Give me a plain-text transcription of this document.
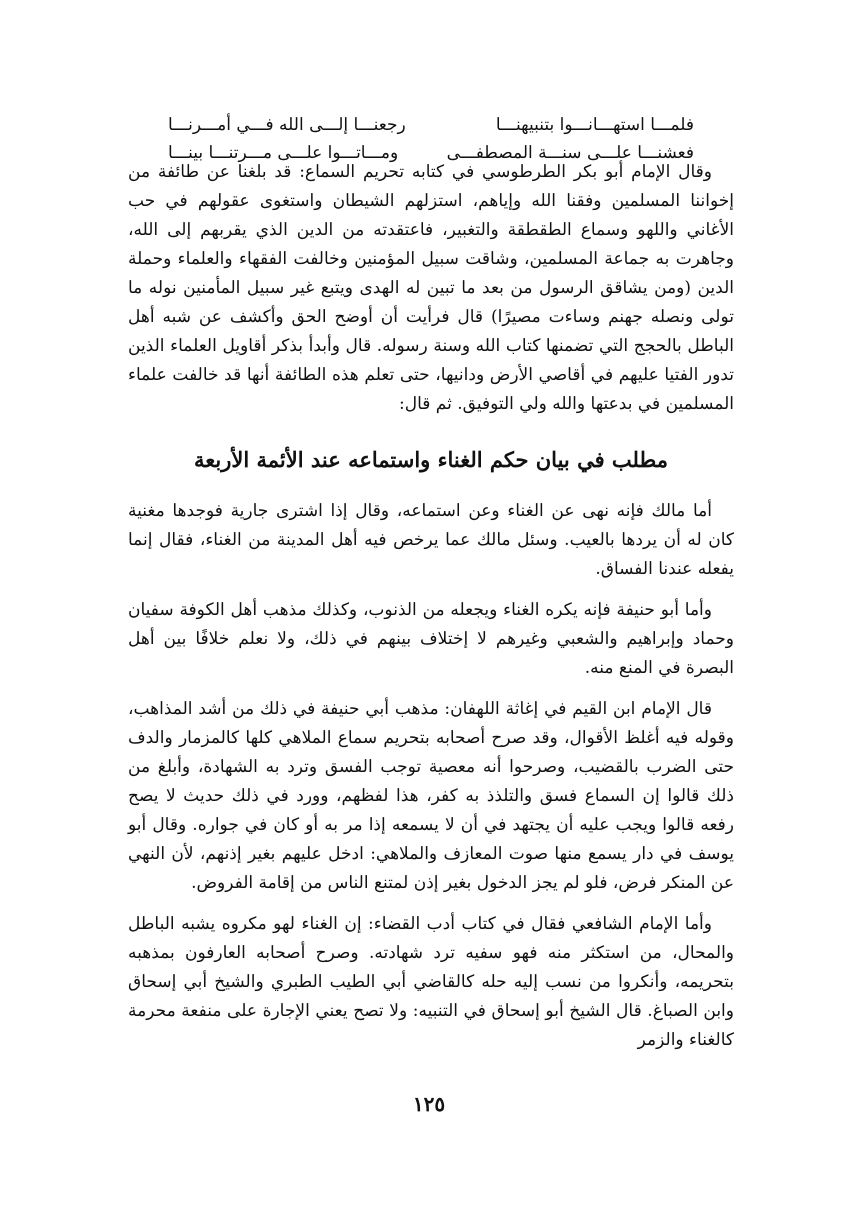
فلمـــا استهـــانـــوا بتنبيهنـــا
رجعنـــا إلـــى الله فـــي أمـــرنـــا
فعشنـــا علـــى سنـــة المصطفـــى
ومـــاتـــوا علـــى مـــرتنـــا بينـــا

وقال الإمام أبو بكر الطرطوسي في كتابه تحريم السماع: قد بلغنا عن طائفة من إخواننا المسلمين وفقنا الله وإياهم، استزلهم الشيطان واستغوى عقولهم في حب الأغاني واللهو وسماع الطقطقة والتغبير، فاعتقدته من الدين الذي يقربهم إلى الله، وجاهرت به جماعة المسلمين، وشاقت سبيل المؤمنين وخالفت الفقهاء والعلماء وحملة الدين (ومن يشاقق الرسول من بعد ما تبين له الهدى ويتبع غير سبيل المأمنين نوله ما تولى ونصله جهنم وساءت مصيرًا) قال فرأيت أن أوضح الحق وأكشف عن شبه أهل الباطل بالحجج التي تضمنها كتاب الله وسنة رسوله. قال وأبدأ بذكر أقاويل العلماء الذين تدور الفتيا عليهم في أقاصي الأرض ودانيها، حتى تعلم هذه الطائفة أنها قد خالفت علماء المسلمين في بدعتها والله ولي التوفيق. ثم قال:

مطلب في بيان حكم الغناء واستماعه عند الأئمة الأربعة

أما مالك فإنه نهى عن الغناء وعن استماعه، وقال إذا اشترى جارية فوجدها مغنية كان له أن يردها بالعيب. وسئل مالك عما يرخص فيه أهل المدينة من الغناء، فقال إنما يفعله عندنا الفساق.

وأما أبو حنيفة فإنه يكره الغناء ويجعله من الذنوب، وكذلك مذهب أهل الكوفة سفيان وحماد وإبراهيم والشعبي وغيرهم لا إختلاف بينهم في ذلك، ولا نعلم خلافًا بين أهل البصرة في المنع منه.

قال الإمام ابن القيم في إغاثة اللهفان: مذهب أبي حنيفة في ذلك من أشد المذاهب، وقوله فيه أغلظ الأقوال، وقد صرح أصحابه بتحريم سماع الملاهي كلها كالمزمار والدف حتى الضرب بالقضيب، وصرحوا أنه معصية توجب الفسق وترد به الشهادة، وأبلغ من ذلك قالوا إن السماع فسق والتلذذ به كفر، هذا لفظهم، وورد في ذلك حديث لا يصح رفعه قالوا ويجب عليه أن يجتهد في أن لا يسمعه إذا مر به أو كان في جواره. وقال أبو يوسف في دار يسمع منها صوت المعازف والملاهي: ادخل عليهم بغير إذنهم، لأن النهي عن المنكر فرض، فلو لم يجز الدخول بغير إذن لمتنع الناس من إقامة الفروض.

وأما الإمام الشافعي فقال في كتاب أدب القضاء: إن الغناء لهو مكروه يشبه الباطل والمحال، من استكثر منه فهو سفيه ترد شهادته. وصرح أصحابه العارفون بمذهبه بتحريمه، وأنكروا من نسب إليه حله كالقاضي أبي الطيب الطبري والشيخ أبي إسحاق وابن الصباغ. قال الشيخ أبو إسحاق في التنبيه: ولا تصح يعني الإجارة على منفعة محرمة كالغناء والزمر

١٢٥
